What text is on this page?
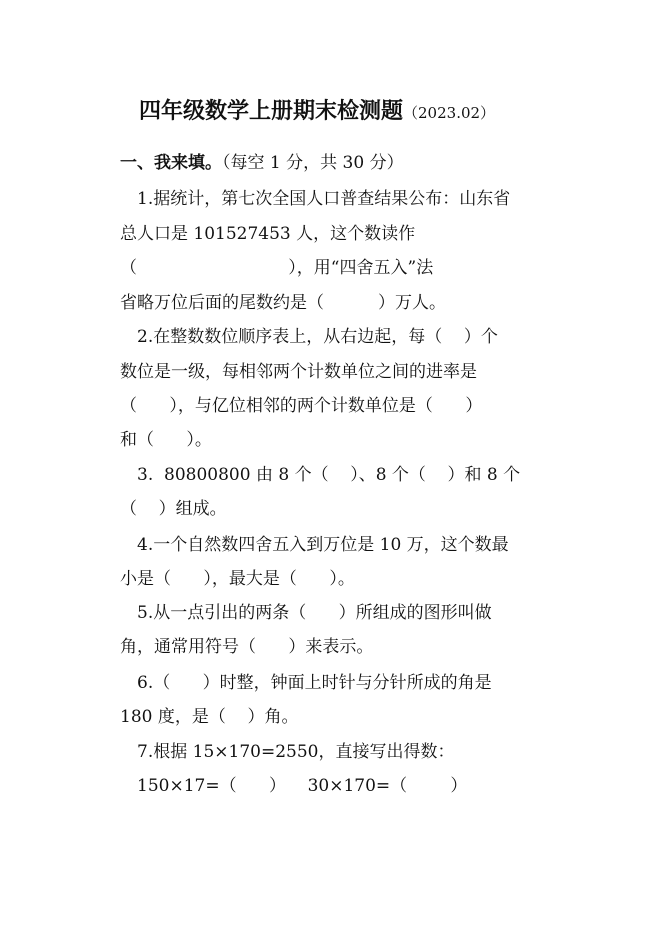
四年级数学上册期末检测题（2023.02）
一、我来填。（每空 1 分，共 30 分）
1.据统计，第七次全国人口普查结果公布：山东省
总人口是 101527453 人，这个数读作
（                            ），用“四舍五入”法
省略万位后面的尾数约是（          ）万人。
2.在整数数位顺序表上，从右边起，每（    ）个
数位是一级，每相邻两个计数单位之间的进率是
（      ），与亿位相邻的两个计数单位是（      ）
和（      ）。
3.  80800800 由 8 个（    ）、8 个（    ）和 8 个
（    ）组成。
4.一个自然数四舍五入到万位是 10 万，这个数最
小是（      ），最大是（      ）。
5.从一点引出的两条（      ）所组成的图形叫做
角，通常用符号（      ）来表示。
6.（      ）时整，钟面上时针与分针所成的角是
180 度，是（    ）角。
7.根据 15×170=2550，直接写出得数：
150×17=（      ）    30×170=（        ）
